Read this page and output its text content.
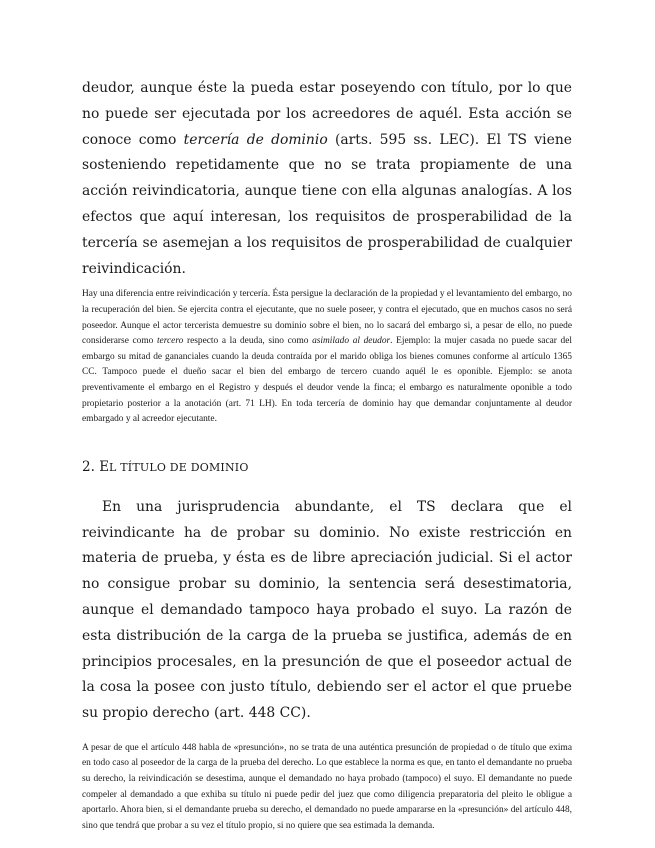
deudor, aunque éste la pueda estar poseyendo con título, por lo que no puede ser ejecutada por los acreedores de aquél. Esta acción se conoce como tercería de dominio (arts. 595 ss. LEC). El TS viene sosteniendo repetidamente que no se trata propiamente de una acción reivindicatoria, aunque tiene con ella algunas analogías. A los efectos que aquí interesan, los requisitos de prosperabilidad de la tercería se asemejan a los requisitos de prosperabilidad de cualquier reivindicación.

Hay una diferencia entre reivindicación y tercería. Ésta persigue la declaración de la propiedad y el levantamiento del embargo, no la recuperación del bien. Se ejercita contra el ejecutante, que no suele poseer, y contra el ejecutado, que en muchos casos no será poseedor. Aunque el actor tercerista demuestre su dominio sobre el bien, no lo sacará del embargo si, a pesar de ello, no puede considerarse como tercero respecto a la deuda, sino como asimilado al deudor. Ejemplo: la mujer casada no puede sacar del embargo su mitad de gananciales cuando la deuda contraída por el marido obliga los bienes comunes conforme al artículo 1365 CC. Tampoco puede el dueño sacar el bien del embargo de tercero cuando aquél le es oponible. Ejemplo: se anota preventivamente el embargo en el Registro y después el deudor vende la finca; el embargo es naturalmente oponible a todo propietario posterior a la anotación (art. 71 LH). En toda tercería de dominio hay que demandar conjuntamente al deudor embargado y al acreedor ejecutante.

2. EL TÍTULO DE DOMINIO

En una jurisprudencia abundante, el TS declara que el reivindicante ha de probar su dominio. No existe restricción en materia de prueba, y ésta es de libre apreciación judicial. Si el actor no consigue probar su dominio, la sentencia será desestimatoria, aunque el demandado tampoco haya probado el suyo. La razón de esta distribución de la carga de la prueba se justifica, además de en principios procesales, en la presunción de que el poseedor actual de la cosa la posee con justo título, debiendo ser el actor el que pruebe su propio derecho (art. 448 CC).

A pesar de que el artículo 448 habla de «presunción», no se trata de una auténtica presunción de propiedad o de título que exima en todo caso al poseedor de la carga de la prueba del derecho. Lo que establece la norma es que, en tanto el demandante no prueba su derecho, la reivindicación se desestima, aunque el demandado no haya probado (tampoco) el suyo. El demandante no puede compeler al demandado a que exhiba su título ni puede pedir del juez que como diligencia preparatoria del pleito le obligue a aportarlo. Ahora bien, si el demandante prueba su derecho, el demandado no puede ampararse en la «presunción» del artículo 448, sino que tendrá que probar a su vez el título propio, si no quiere que sea estimada la demanda.
